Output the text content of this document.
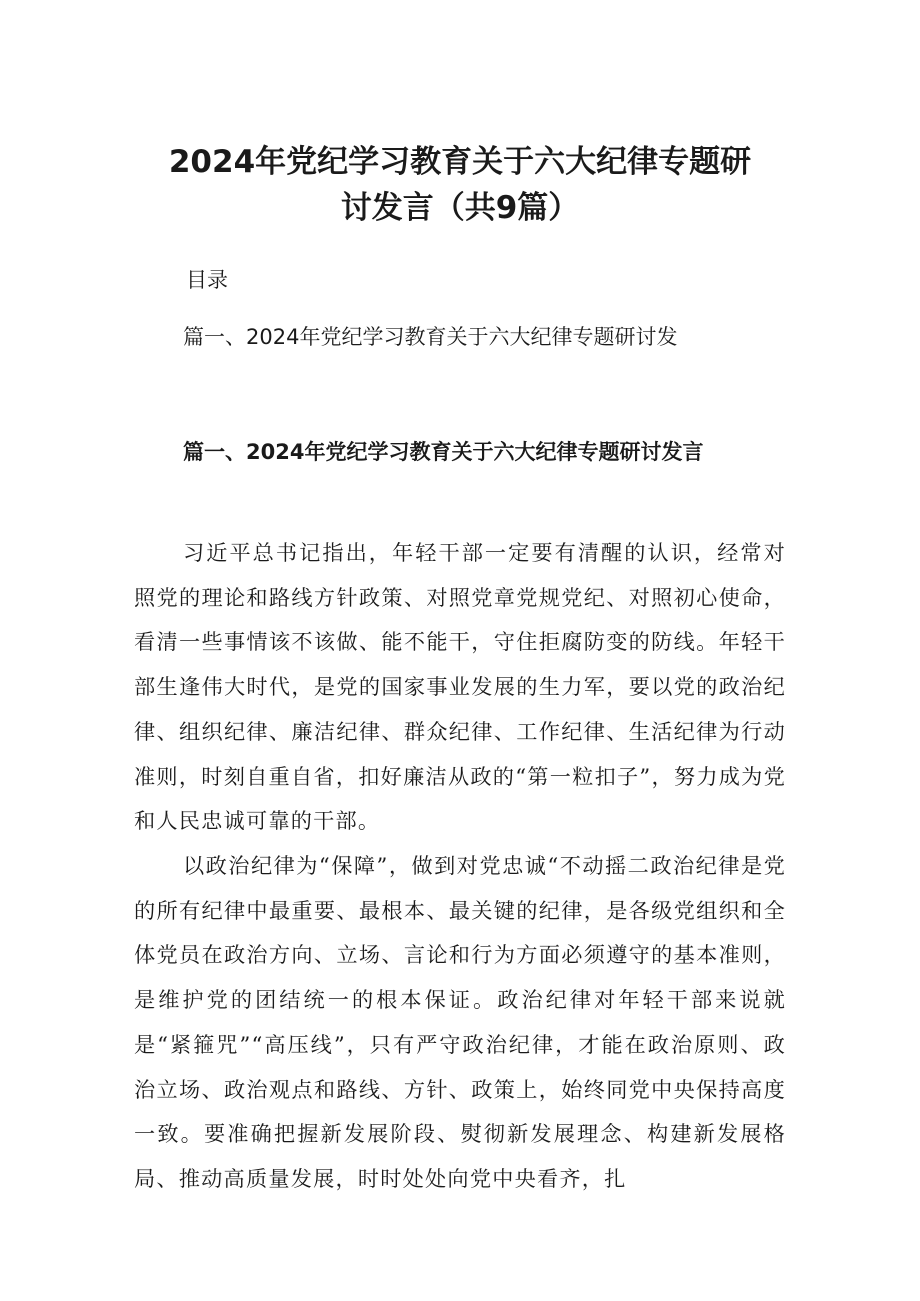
2024年党纪学习教育关于六大纪律专题研
讨发言（共9篇）
目录
篇一、2024年党纪学习教育关于六大纪律专题研讨发
篇一、2024年党纪学习教育关于六大纪律专题研讨发言

习近平总书记指出，年轻干部一定要有清醒的认识，经常对照党的理论和路线方针政策、对照党章党规党纪、对照初心使命，看清一些事情该不该做、能不能干，守住拒腐防变的防线。年轻干部生逢伟大时代，是党的国家事业发展的生力军，要以党的政治纪律、组织纪律、廉洁纪律、群众纪律、工作纪律、生活纪律为行动准则，时刻自重自省，扣好廉洁从政的“第一粒扣子”，努力成为党和人民忠诚可靠的干部。

以政治纪律为“保障”，做到对党忠诚“不动摇二政治纪律是党的所有纪律中最重要、最根本、最关键的纪律，是各级党组织和全体党员在政治方向、立场、言论和行为方面必须遵守的基本准则，是维护党的团结统一的根本保证。政治纪律对年轻干部来说就是“紧箍咒”“高压线”，只有严守政治纪律，才能在政治原则、政治立场、政治观点和路线、方针、政策上，始终同党中央保持高度一致。要准确把握新发展阶段、熨彻新发展理念、构建新发展格局、推动高质量发展，时时处处向党中央看齐，扎
